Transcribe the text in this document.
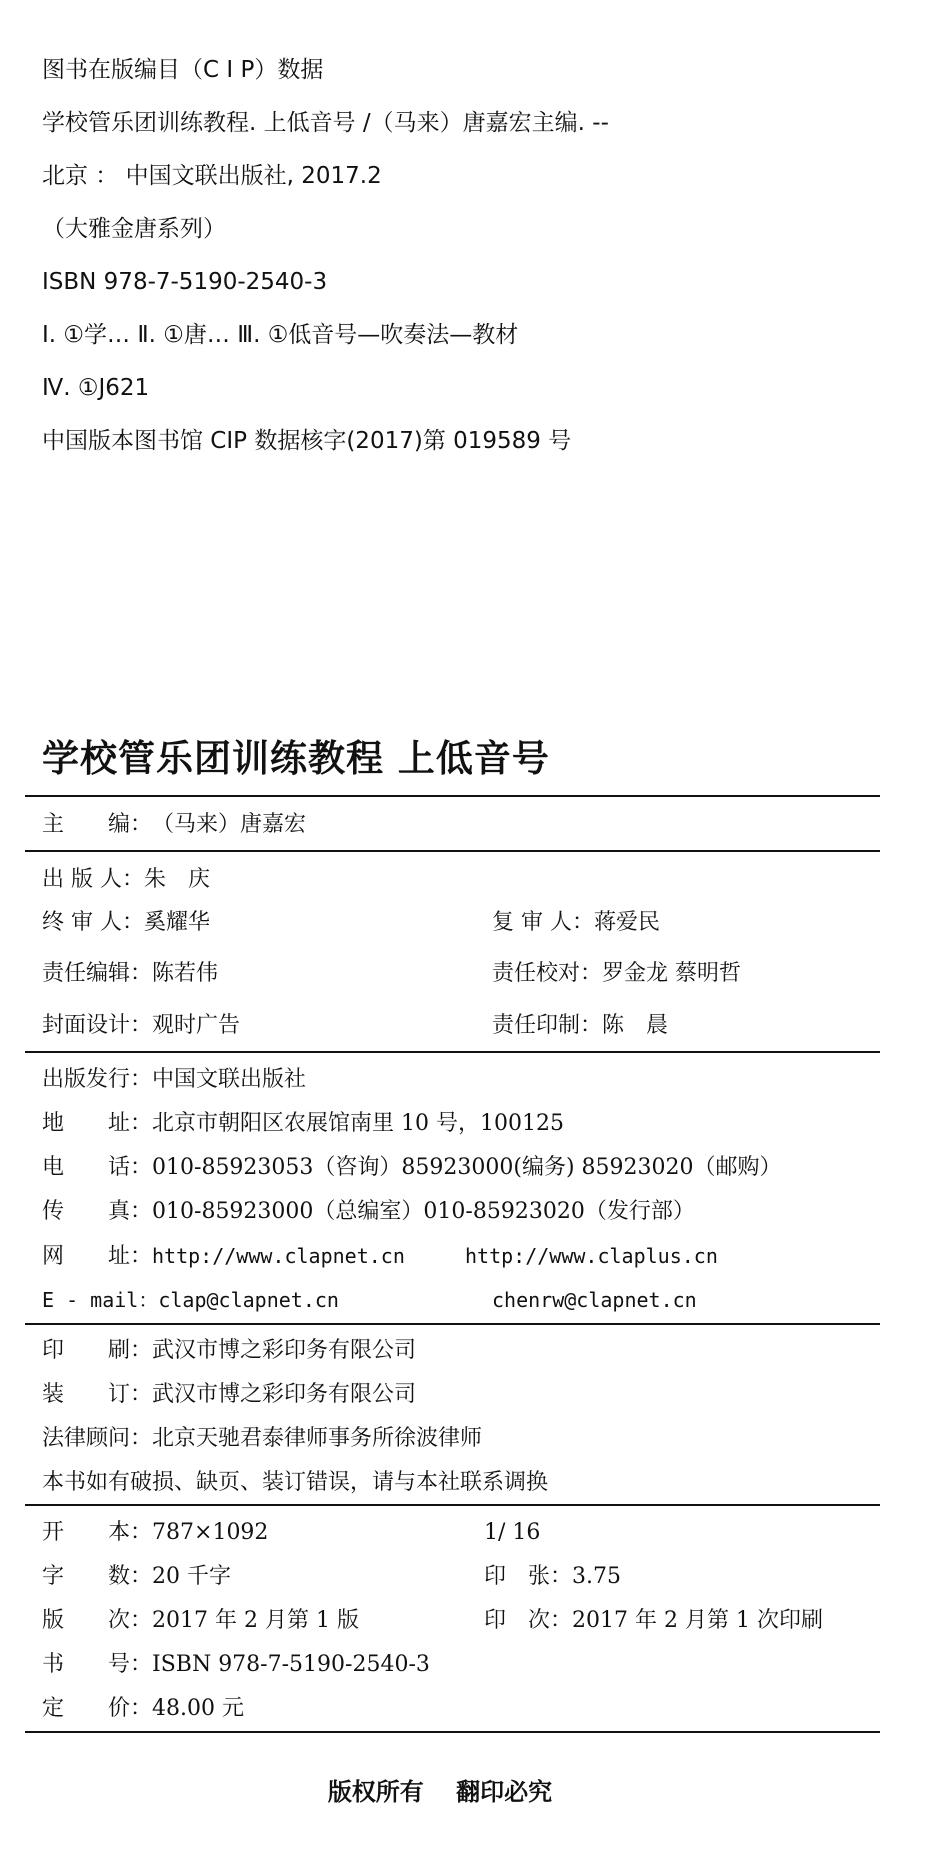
图书在版编目（C I P）数据
学校管乐团训练教程. 上低音号 /（马来）唐嘉宏主编. --
北京 ： 中国文联出版社, 2017.2
（大雅金唐系列）
ISBN 978-7-5190-2540-3
Ⅰ. ①学… Ⅱ. ①唐… Ⅲ. ①低音号—吹奏法—教材
Ⅳ. ①J621
中国版本图书馆 CIP 数据核字(2017)第 019589 号
学校管乐团训练教程 上低音号
主　　编：（马来）唐嘉宏
出 版 人：朱　庆
终 审 人：奚耀华	复 审 人：蒋爱民
责任编辑：陈若伟	责任校对：罗金龙 蔡明哲
封面设计：观时广告	责任印制：陈　晨
出版发行：中国文联出版社
地　　址：北京市朝阳区农展馆南里 10 号，100125
电　　话：010-85923053（咨询）85923000(编务) 85923020（邮购）
传　　真：010-85923000（总编室）010-85923020（发行部）
网　　址：http://www.clapnet.cn	http://www.claplus.cn
E - mail：clap@clapnet.cn	chenrw@clapnet.cn
印　　刷：武汉市博之彩印务有限公司
装　　订：武汉市博之彩印务有限公司
法律顾问：北京天驰君泰律师事务所徐波律师
本书如有破损、缺页、装订错误，请与本社联系调换
开　　本：787×1092	1/ 16
字　　数：20 千字	印　张：3.75
版　　次：2017 年 2 月第 1 版	印　次：2017 年 2 月第 1 次印刷
书　　号：ISBN 978-7-5190-2540-3
定　　价：48.00 元
版权所有　 翻印必究
